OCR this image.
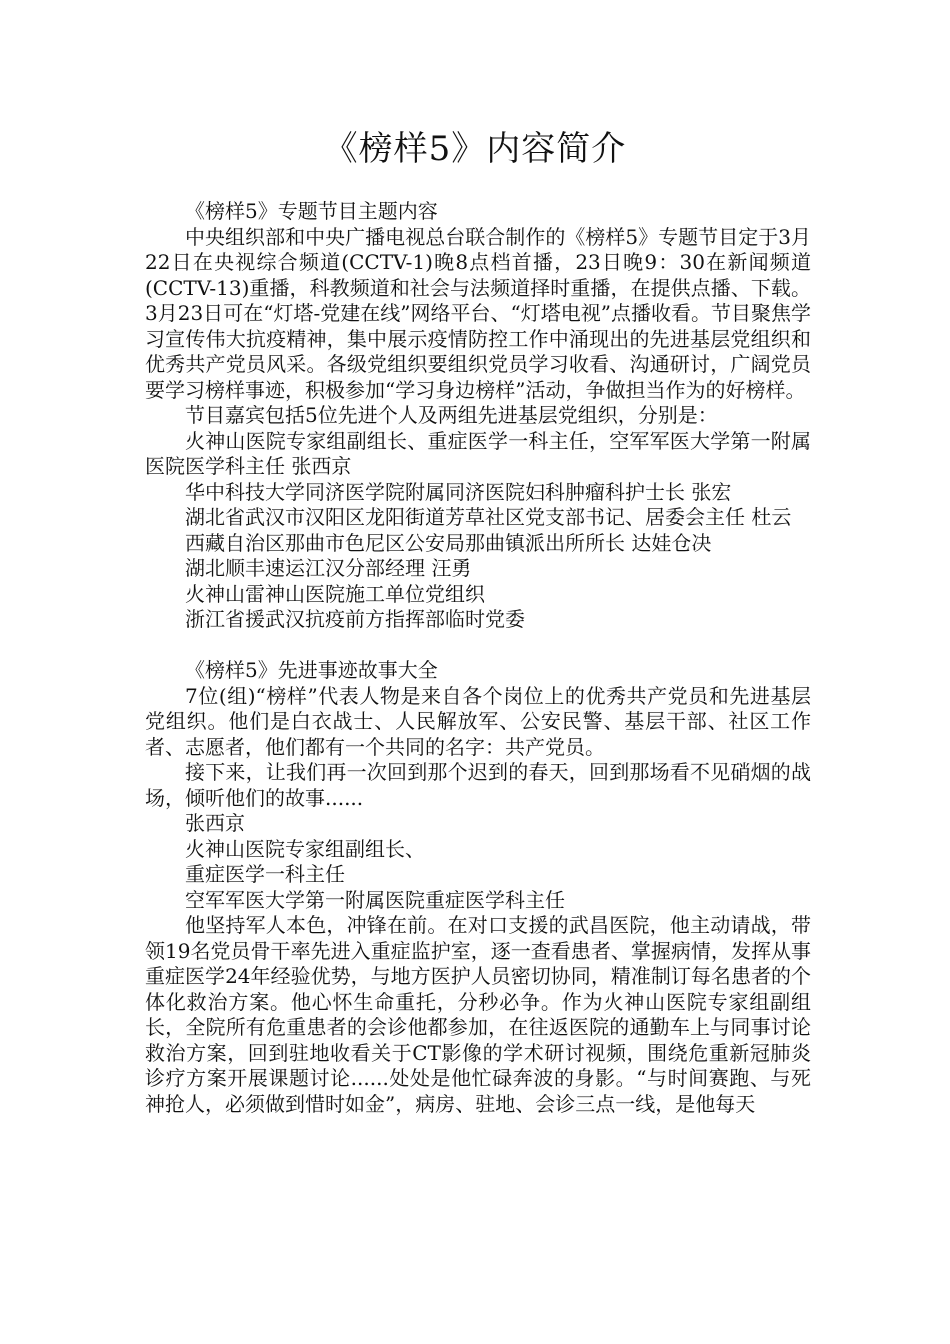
《榜样5》内容简介

《榜样5》专题节目主题内容

中央组织部和中央广播电视总台联合制作的《榜样5》专题节目定于3月22日在央视综合频道(CCTV-1)晚8点档首播，23日晚9：30在新闻频道(CCTV-13)重播，科教频道和社会与法频道择时重播，在提供点播、下载。3月23日可在“灯塔-党建在线”网络平台、“灯塔电视”点播收看。节目聚焦学习宣传伟大抗疫精神，集中展示疫情防控工作中涌现出的先进基层党组织和优秀共产党员风采。各级党组织要组织党员学习收看、沟通研讨，广阔党员要学习榜样事迹，积极参加“学习身边榜样”活动，争做担当作为的好榜样。

节目嘉宾包括5位先进个人及两组先进基层党组织，分别是：

火神山医院专家组副组长、重症医学一科主任，空军军医大学第一附属医院医学科主任 张西京

华中科技大学同济医学院附属同济医院妇科肿瘤科护士长 张宏

湖北省武汉市汉阳区龙阳街道芳草社区党支部书记、居委会主任 杜云

西藏自治区那曲市色尼区公安局那曲镇派出所所长 达娃仓决

湖北顺丰速运江汉分部经理 汪勇

火神山雷神山医院施工单位党组织

浙江省援武汉抗疫前方指挥部临时党委

《榜样5》先进事迹故事大全

7位(组)“榜样”代表人物是来自各个岗位上的优秀共产党员和先进基层党组织。他们是白衣战士、人民解放军、公安民警、基层干部、社区工作者、志愿者，他们都有一个共同的名字：共产党员。

接下来，让我们再一次回到那个迟到的春天，回到那场看不见硝烟的战场，倾听他们的故事......

张西京

火神山医院专家组副组长、

重症医学一科主任

空军军医大学第一附属医院重症医学科主任

他坚持军人本色，冲锋在前。在对口支援的武昌医院，他主动请战，带领19名党员骨干率先进入重症监护室，逐一查看患者、掌握病情，发挥从事重症医学24年经验优势，与地方医护人员密切协同，精准制订每名患者的个体化救治方案。他心怀生命重托，分秒必争。作为火神山医院专家组副组长，全院所有危重患者的会诊他都参加，在往返医院的通勤车上与同事讨论救治方案，回到驻地收看关于CT影像的学术研讨视频，围绕危重新冠肺炎诊疗方案开展课题讨论......处处是他忙碌奔波的身影。“与时间赛跑、与死神抢人，必须做到惜时如金”，病房、驻地、会诊三点一线，是他每天
